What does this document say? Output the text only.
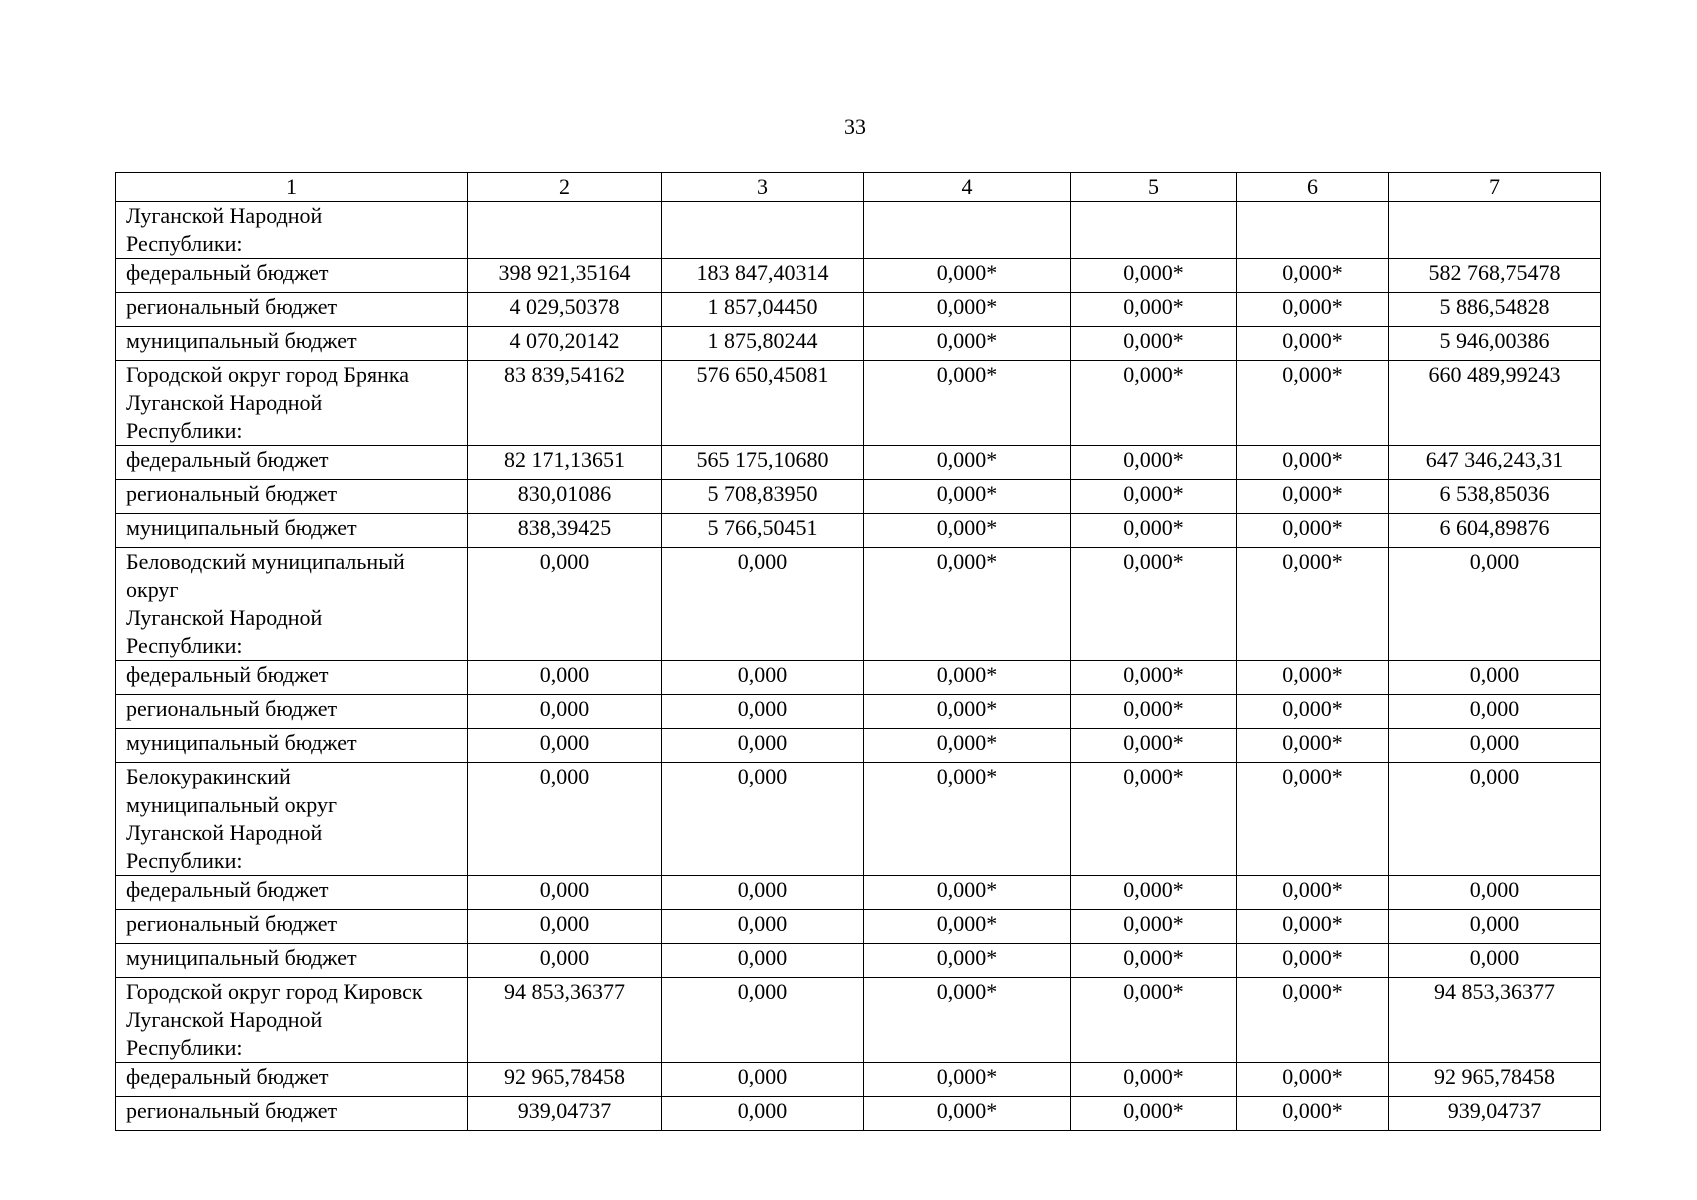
33
1	2	3	4	5	6	7
Луганской Народной
Республики:						
федеральный бюджет	398 921,35164	183 847,40314	0,000*	0,000*	0,000*	582 768,75478
региональный бюджет	4 029,50378	1 857,04450	0,000*	0,000*	0,000*	5 886,54828
муниципальный бюджет	4 070,20142	1 875,80244	0,000*	0,000*	0,000*	5 946,00386
Городской округ город Брянка
Луганской Народной
Республики:	83 839,54162	576 650,45081	0,000*	0,000*	0,000*	660 489,99243
федеральный бюджет	82 171,13651	565 175,10680	0,000*	0,000*	0,000*	647 346,243,31
региональный бюджет	830,01086	5 708,83950	0,000*	0,000*	0,000*	6 538,85036
муниципальный бюджет	838,39425	5 766,50451	0,000*	0,000*	0,000*	6 604,89876
Беловодский муниципальный
округ
Луганской Народной
Республики:	0,000	0,000	0,000*	0,000*	0,000*	0,000
федеральный бюджет	0,000	0,000	0,000*	0,000*	0,000*	0,000
региональный бюджет	0,000	0,000	0,000*	0,000*	0,000*	0,000
муниципальный бюджет	0,000	0,000	0,000*	0,000*	0,000*	0,000
Белокуракинский
муниципальный округ
Луганской Народной
Республики:	0,000	0,000	0,000*	0,000*	0,000*	0,000
федеральный бюджет	0,000	0,000	0,000*	0,000*	0,000*	0,000
региональный бюджет	0,000	0,000	0,000*	0,000*	0,000*	0,000
муниципальный бюджет	0,000	0,000	0,000*	0,000*	0,000*	0,000
Городской округ город Кировск
Луганской Народной
Республики:	94 853,36377	0,000	0,000*	0,000*	0,000*	94 853,36377
федеральный бюджет	92 965,78458	0,000	0,000*	0,000*	0,000*	92 965,78458
региональный бюджет	939,04737	0,000	0,000*	0,000*	0,000*	939,04737
